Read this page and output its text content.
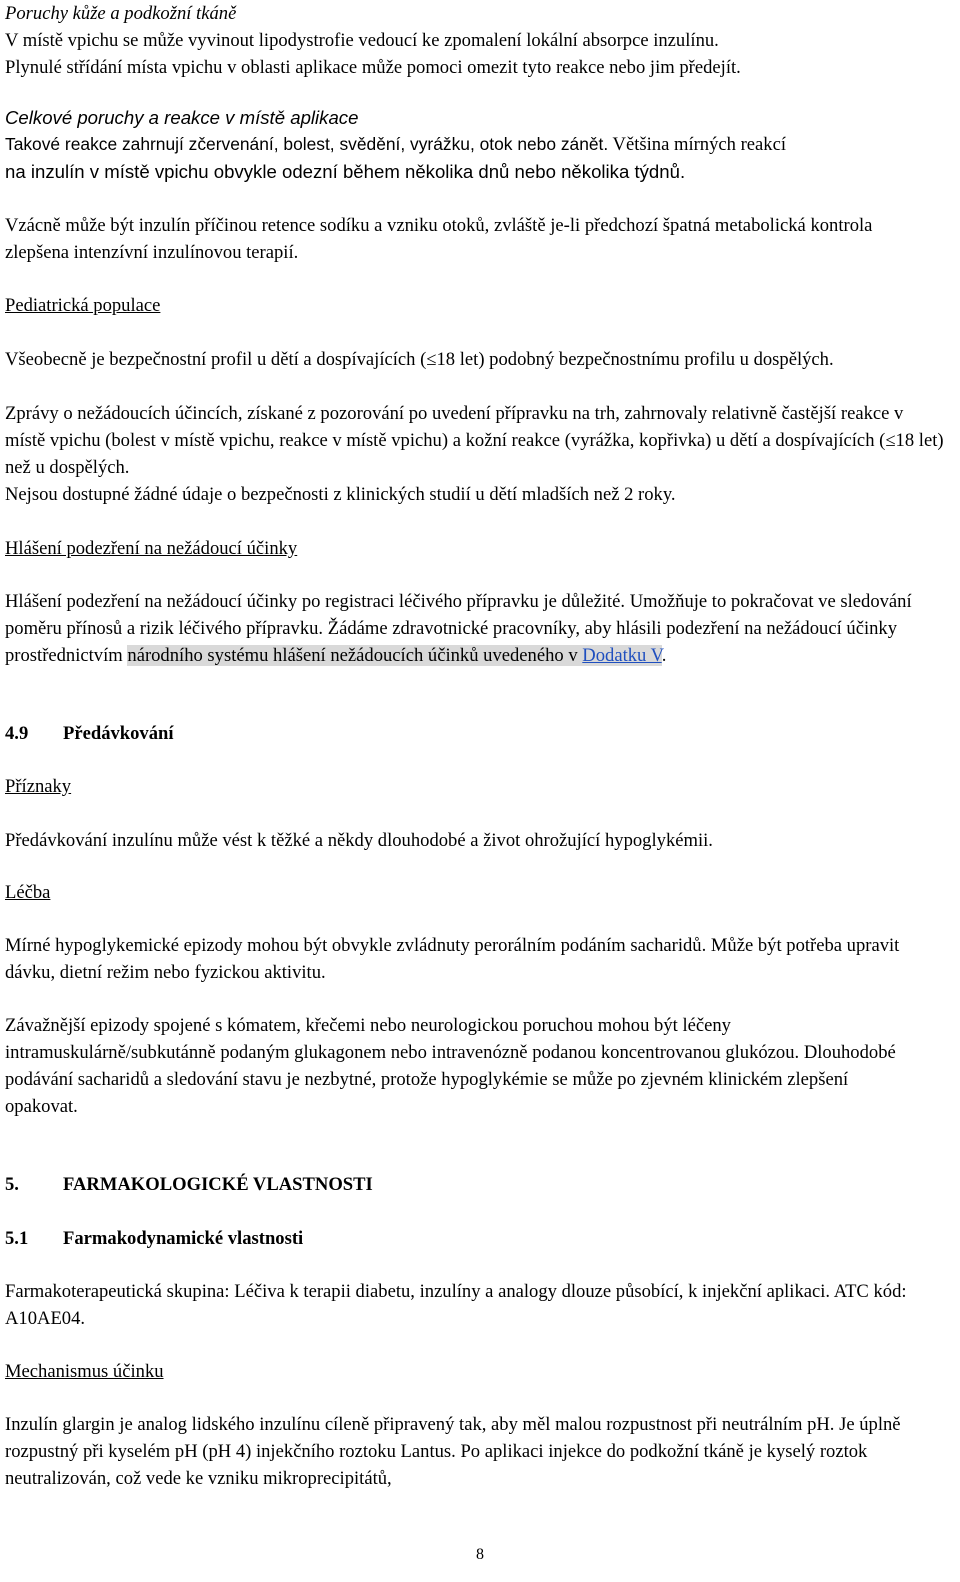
Poruchy kůže a podkožní tkáně
V místě vpichu se může vyvinout lipodystrofie vedoucí ke zpomalení lokální absorpce inzulínu.
Plynulé střídání místa vpichu v oblasti aplikace může pomoci omezit tyto reakce nebo jim předejít.
Celkové poruchy a reakce v místě aplikace
Takové reakce zahrnují zčervenání, bolest, svědění, vyrážku, otok nebo zánět. Většina mírných reakcí
na inzulín v místě vpichu obvykle odezní během několika dnů nebo několika týdnů.

Vzácně může být inzulín příčinou retence sodíku a vzniku otoků, zvláště je-li předchozí špatná metabolická kontrola zlepšena intenzívní inzulínovou terapií.

Pediatrická populace

Všeobecně je bezpečnostní profil u dětí a dospívajících (≤18 let) podobný bezpečnostnímu profilu u dospělých.

Zprávy o nežádoucích účincích, získané z pozorování po uvedení přípravku na trh, zahrnovaly relativně častější reakce v místě vpichu (bolest v místě vpichu, reakce v místě vpichu) a kožní reakce (vyrážka, kopřivka) u dětí a dospívajících (≤18 let) než u dospělých.

Nejsou dostupné žádné údaje o bezpečnosti z klinických studií u dětí mladších než 2 roky.

Hlášení podezření na nežádoucí účinky

Hlášení podezření na nežádoucí účinky po registraci léčivého přípravku je důležité. Umožňuje to pokračovat ve sledování poměru přínosů a rizik léčivého přípravku. Žádáme zdravotnické pracovníky, aby hlásili podezření na nežádoucí účinky prostřednictvím národního systému hlášení nežádoucích účinků uvedeného v Dodatku V.

4.9	Předávkování

Příznaky

Předávkování inzulínu může vést k těžké a někdy dlouhodobé a život ohrožující hypoglykémii.

Léčba

Mírné hypoglykemické epizody mohou být obvykle zvládnuty perorálním podáním sacharidů. Může být potřeba upravit dávku, dietní režim nebo fyzickou aktivitu.

Závažnější epizody spojené s kómatem, křečemi nebo neurologickou poruchou mohou být léčeny intramuskulárně/subkutánně podaným glukagonem nebo intravenózně podanou koncentrovanou glukózou. Dlouhodobé podávání sacharidů a sledování stavu je nezbytné, protože hypoglykémie se může po zjevném klinickém zlepšení opakovat.

5.	FARMAKOLOGICKÉ VLASTNOSTI
5.1	Farmakodynamické vlastnosti

Farmakoterapeutická skupina: Léčiva k terapii diabetu, inzulíny a analogy dlouze působící, k injekční aplikaci. ATC kód: A10AE04.

Mechanismus účinku

Inzulín glargin je analog lidského inzulínu cíleně připravený tak, aby měl malou rozpustnost při neutrálním pH. Je úplně rozpustný při kyselém pH (pH 4) injekčního roztoku Lantus. Po aplikaci injekce do podkožní tkáně je kyselý roztok neutralizován, což vede ke vzniku mikroprecipitátů,

8
